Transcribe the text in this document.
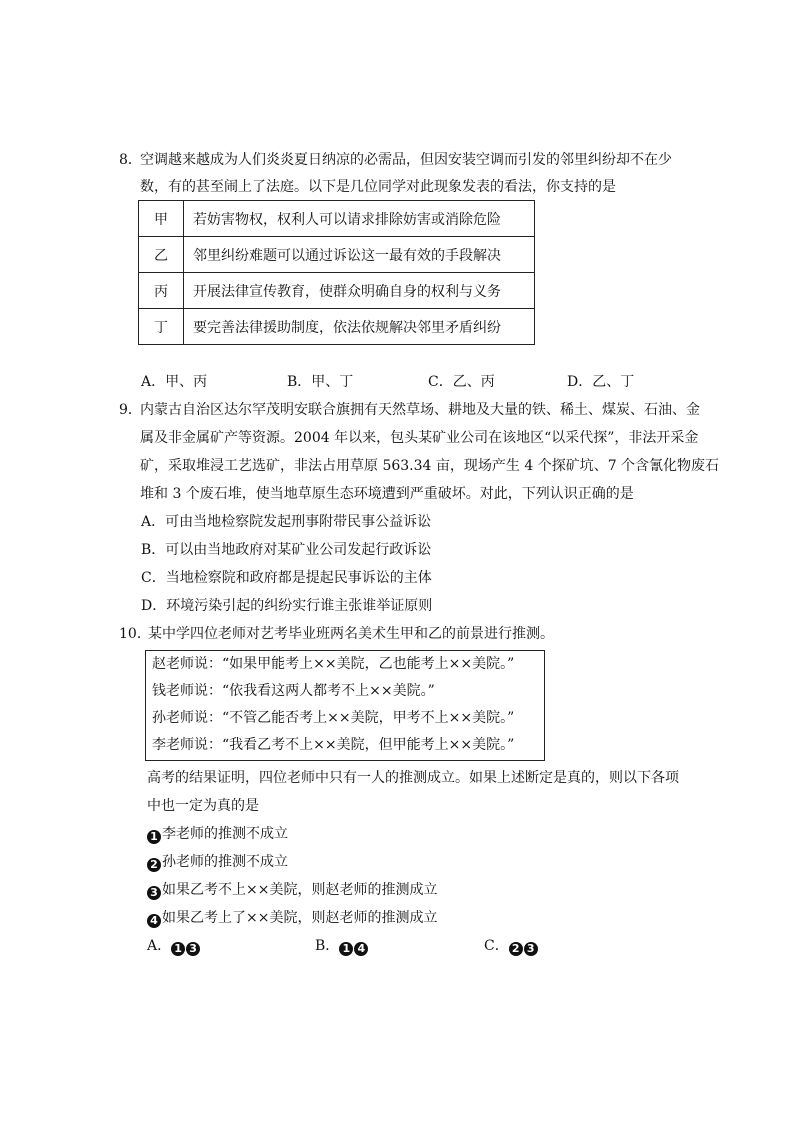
8．
空调越来越成为人们炎炎夏日纳凉的必需品，但因安装空调而引发的邻里纠纷却不在少
数，有的甚至闹上了法庭。以下是几位同学对此现象发表的看法，你支持的是
甲	若妨害物权，权利人可以请求排除妨害或消除危险
乙	邻里纠纷难题可以通过诉讼这一最有效的手段解决
丙	开展法律宣传教育，使群众明确自身的权利与义务
丁	要完善法律援助制度，依法依规解决邻里矛盾纠纷
A．甲、丙	B．甲、丁	C．乙、丙	D．乙、丁
9．
内蒙古自治区达尔罕茂明安联合旗拥有天然草场、耕地及大量的铁、稀土、煤炭、石油、金
属及非金属矿产等资源。2004 年以来，包头某矿业公司在该地区“以采代探”，非法开采金
矿，采取堆浸工艺选矿，非法占用草原 563.34 亩，现场产生 4 个探矿坑、7 个含氰化物废石
堆和 3 个废石堆，使当地草原生态环境遭到严重破坏。对此，下列认识正确的是
A．可由当地检察院发起刑事附带民事公益诉讼
B．可以由当地政府对某矿业公司发起行政诉讼
C．当地检察院和政府都是提起民事诉讼的主体
D．环境污染引起的纠纷实行谁主张谁举证原则
10．
某中学四位老师对艺考毕业班两名美术生甲和乙的前景进行推测。
赵老师说：“如果甲能考上××美院，乙也能考上××美院。”
钱老师说：“依我看这两人都考不上××美院。”
孙老师说：“不管乙能否考上××美院，甲考不上××美院。”
李老师说：“我看乙考不上××美院，但甲能考上××美院。”
高考的结果证明，四位老师中只有一人的推测成立。如果上述断定是真的，则以下各项
中也一定为真的是
1 李老师的推测不成立
2 孙老师的推测不成立
3 如果乙考不上××美院，则赵老师的推测成立
4 如果乙考上了××美院，则赵老师的推测成立
A． 1 3	B． 1 4	C． 2 3
